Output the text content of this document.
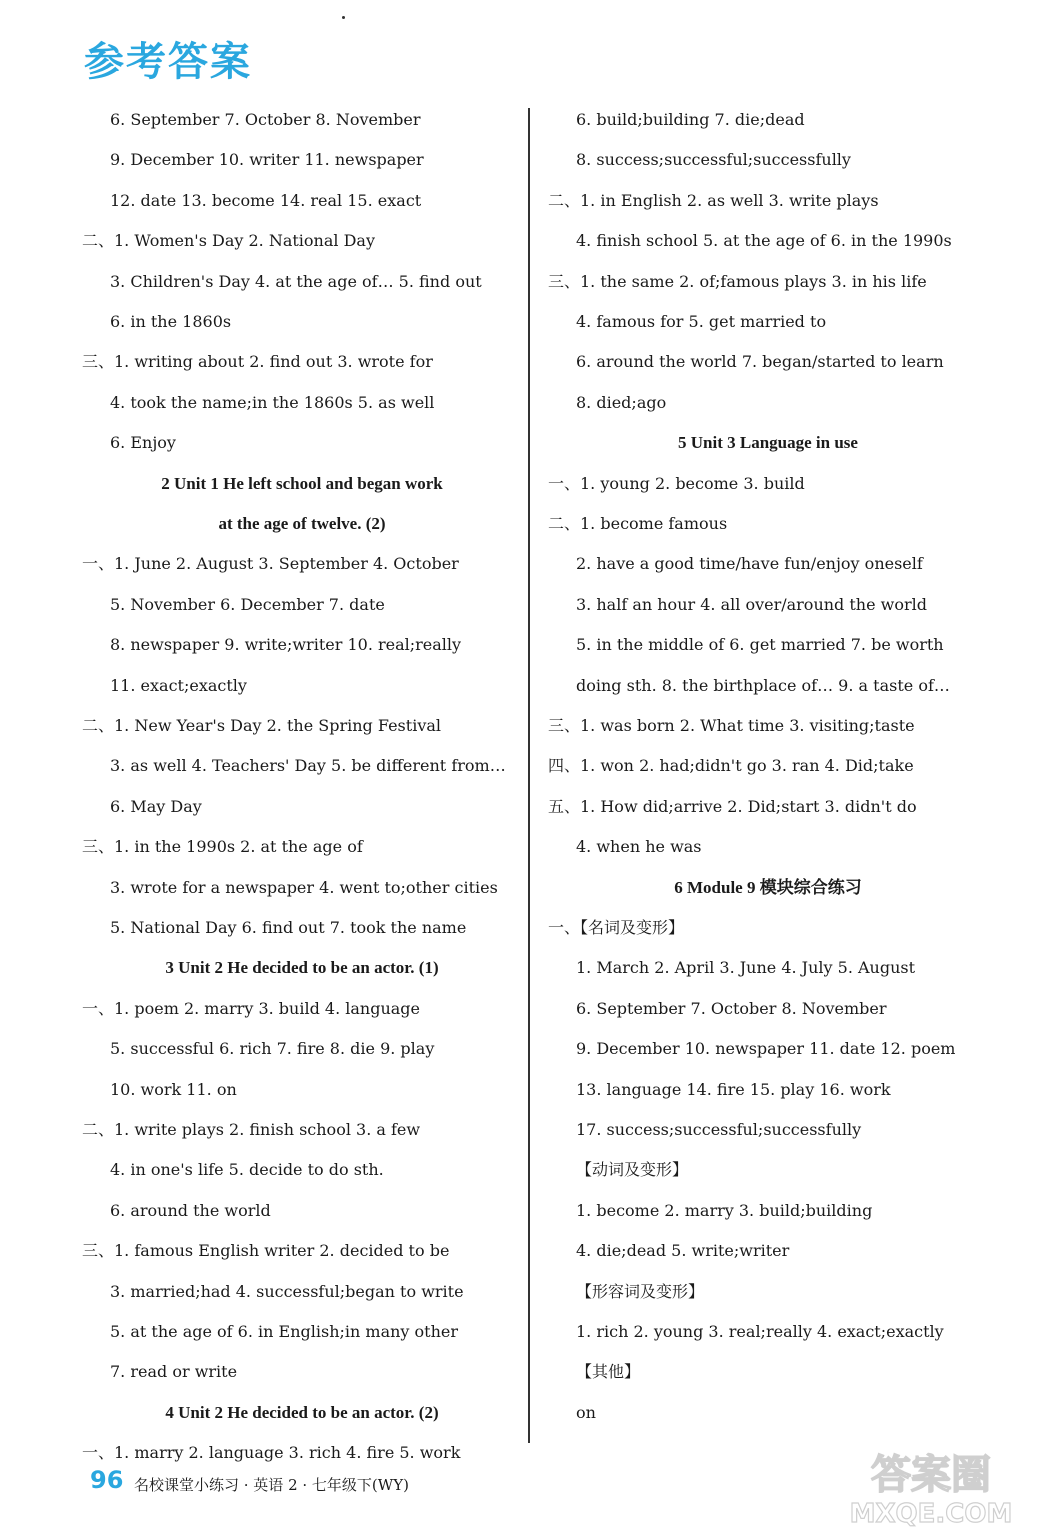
参考答案
6. September 7. October 8. November
9. December 10. writer 11. newspaper
12. date 13. become 14. real 15. exact
二、1. Women's Day 2. National Day
3. Children's Day 4. at the age of… 5. find out
6. in the 1860s
三、1. writing about 2. find out 3. wrote for
4. took the name;in the 1860s 5. as well
6. Enjoy
2 Unit 1 He left school and began work
at the age of twelve. (2)
一、1. June 2. August 3. September 4. October
5. November 6. December 7. date
8. newspaper 9. write;writer 10. real;really
11. exact;exactly
二、1. New Year's Day 2. the Spring Festival
3. as well 4. Teachers' Day 5. be different from…
6. May Day
三、1. in the 1990s 2. at the age of
3. wrote for a newspaper 4. went to;other cities
5. National Day 6. find out 7. took the name
3 Unit 2 He decided to be an actor. (1)
一、1. poem 2. marry 3. build 4. language
5. successful 6. rich 7. fire 8. die 9. play
10. work 11. on
二、1. write plays 2. finish school 3. a few
4. in one's life 5. decide to do sth.
6. around the world
三、1. famous English writer 2. decided to be
3. married;had 4. successful;began to write
5. at the age of 6. in English;in many other
7. read or write
4 Unit 2 He decided to be an actor. (2)
一、1. marry 2. language 3. rich 4. fire 5. work
6. build;building 7. die;dead
8. success;successful;successfully
二、1. in English 2. as well 3. write plays
4. finish school 5. at the age of 6. in the 1990s
三、1. the same 2. of;famous plays 3. in his life
4. famous for 5. get married to
6. around the world 7. began/started to learn
8. died;ago
5 Unit 3 Language in use
一、1. young 2. become 3. build
二、1. become famous
2. have a good time/have fun/enjoy oneself
3. half an hour 4. all over/around the world
5. in the middle of 6. get married 7. be worth
doing sth. 8. the birthplace of… 9. a taste of…
三、1. was born 2. What time 3. visiting;taste
四、1. won 2. had;didn't go 3. ran 4. Did;take
五、1. How did;arrive 2. Did;start 3. didn't do
4. when he was
6 Module 9 模块综合练习
一、【名词及变形】
1. March 2. April 3. June 4. July 5. August
6. September 7. October 8. November
9. December 10. newspaper 11. date 12. poem
13. language 14. fire 15. play 16. work
17. success;successful;successfully
【动词及变形】
1. become 2. marry 3. build;building
4. die;dead 5. write;writer
【形容词及变形】
1. rich 2. young 3. real;really 4. exact;exactly
【其他】
on
96 名校课堂小练习 · 英语 2 · 七年级下(WY)	答案圈
MXQE.COM
